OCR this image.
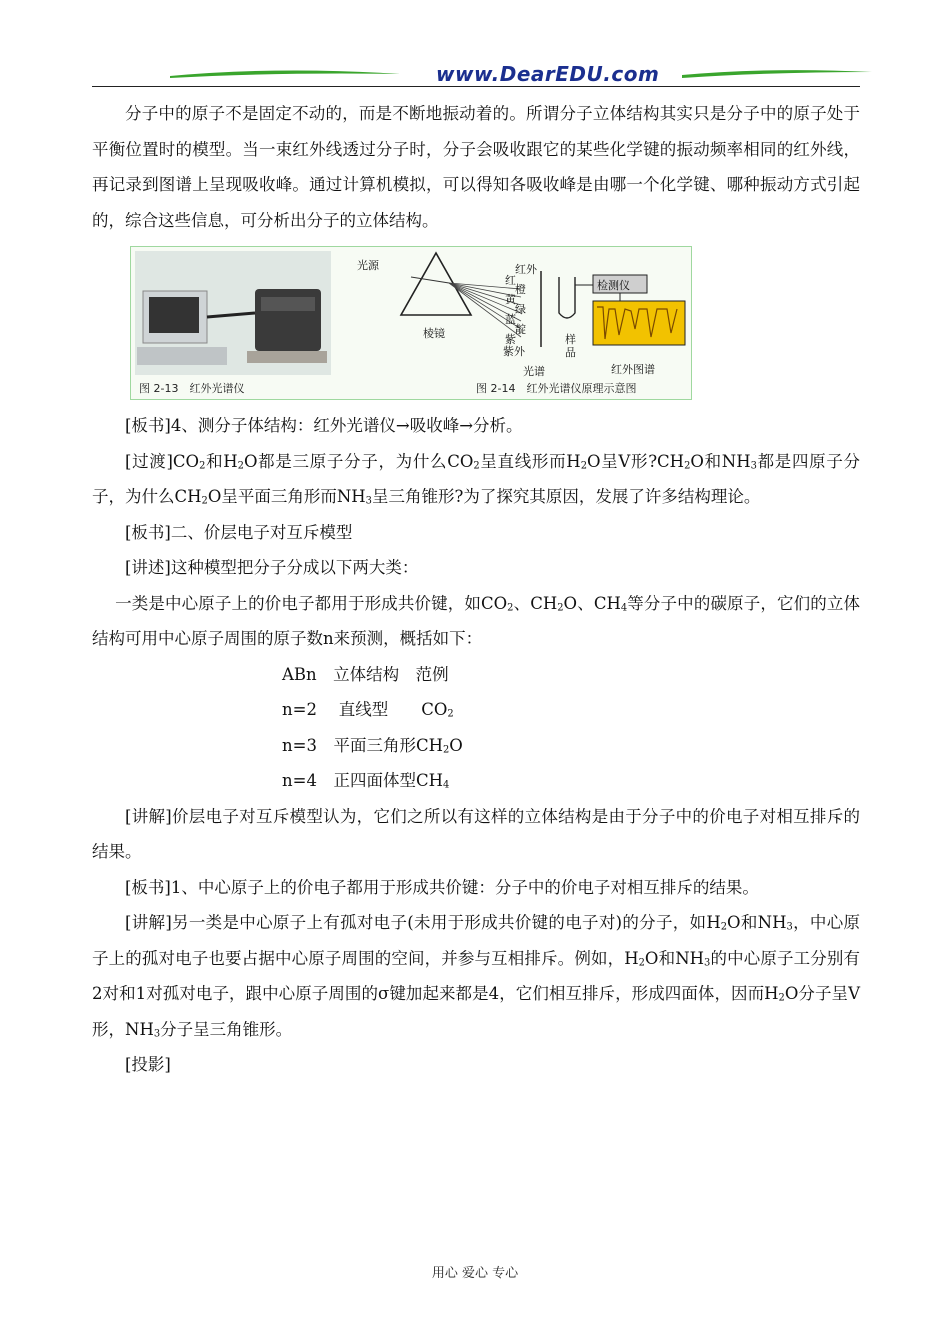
www.DearEDU.com

分子中的原子不是固定不动的，而是不断地振动着的。所谓分子立体结构其实只是分子中的原子处于平衡位置时的模型。当一束红外线透过分子时，分子会吸收跟它的某些化学键的振动频率相同的红外线，再记录到图谱上呈现吸收峰。通过计算机模拟，可以得知各吸收峰是由哪一个化学键、哪种振动方式引起的，综合这些信息，可分析出分子的立体结构。

图 2-13　红外光谱仪	图 2-14　红外光谱仪原理示意图
光源
棱镜
红外
红
橙
黄
绿
蓝
靛
紫
紫外
光谱
样品
检测仪
红外图谱

[板书]4、测分子体结构：红外光谱仪→吸收峰→分析。

[过渡]$CO_2$和$H_2O$都是三原子分子，为什么$CO_2$呈直线形而$H_2O$呈V形$?CH_2O$和$NH_3$都是四原子分子，为什么$CH_2O$呈平面三角形而$NH_3$呈三角锥形?为了探究其原因，发展了许多结构理论。

[板书]二、价层电子对互斥模型

[讲述]这种模型把分子分成以下两大类：

一类是中心原子上的价电子都用于形成共价键，如$CO_2$、$CH_2O$、$CH_4$等分子中的碳原子，它们的立体结构可用中心原子周围的原子数n来预测，概括如下：

ABn　立体结构　范例

n=2　 直线型　　$CO_2$

n=3　平面三角形$CH_2O$

n=4　正四面体型$CH_4$

[讲解]价层电子对互斥模型认为，它们之所以有这样的立体结构是由于分子中的价电子对相互排斥的结果。

[板书]1、中心原子上的价电子都用于形成共价键：分子中的价电子对相互排斥的结果。

[讲解]另一类是中心原子上有孤对电子(未用于形成共价键的电子对)的分子，如$H_2O$和$NH_3$，中心原子上的孤对电子也要占据中心原子周围的空间，并参与互相排斥。例如，$H_2O$和$NH_3$的中心原子工分别有2对和1对孤对电子，跟中心原子周围的σ键加起来都是4，它们相互排斥，形成四面体，因而$H_2O$分子呈V形，$NH_3$分子呈三角锥形。

[投影]

用心 爱心 专心
